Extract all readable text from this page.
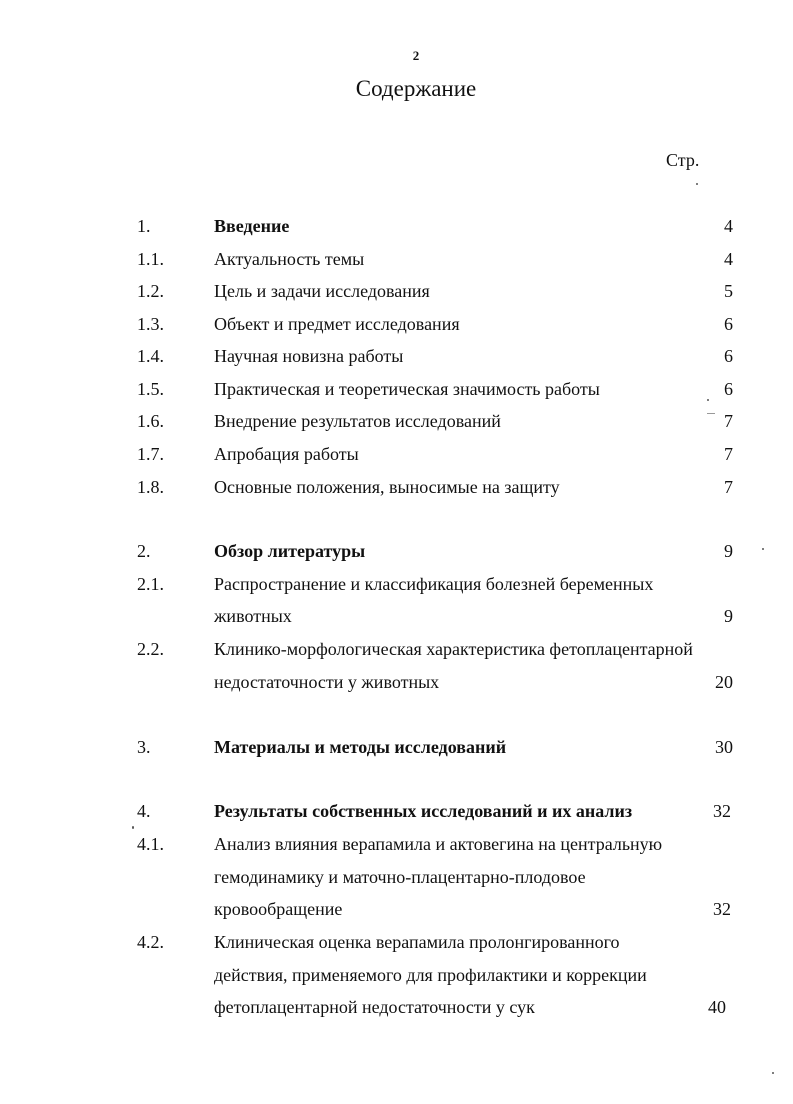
2
Содержание
Стр.
1.	Введение	4
1.1.	Актуальность темы	4
1.2.	Цель и задачи исследования	5
1.3.	Объект и предмет исследования	6
1.4.	Научная новизна работы	6
1.5.	Практическая и теоретическая значимость работы	6
1.6.	Внедрение результатов исследований	7
1.7.	Апробация работы	7
1.8.	Основные положения, выносимые на защиту	7
2.	Обзор литературы	9
2.1.	Распространение и классификация болезней беременных
животных	9
2.2.	Клинико-морфологическая характеристика фетоплацентарной
недостаточности у животных	20
3.	Материалы и методы исследований	30
4.	Результаты собственных исследований и их анализ	32
4.1.	Анализ влияния верапамила и актовегина на центральную
гемодинамику и маточно-плацентарно-плодовое
кровообращение	32
4.2.	Клиническая оценка верапамила пролонгированного
действия, применяемого для профилактики и коррекции
фетоплацентарной недостаточности у сук	40
